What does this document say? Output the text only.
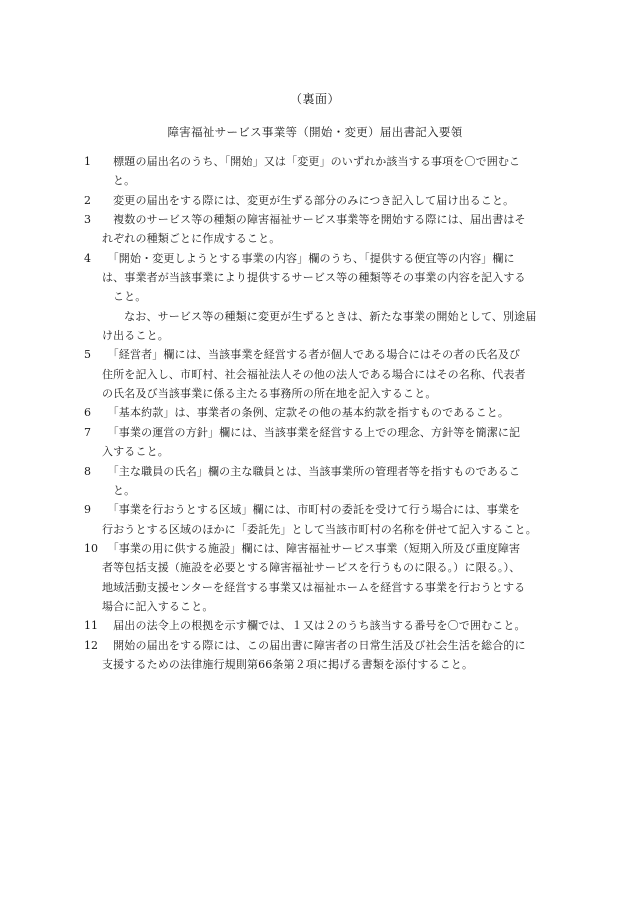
（裏面）
障害福祉サービス事業等（開始・変更）届出書記入要領
1	　標題の届出名のうち、「開始」又は「変更」のいずれか該当する事項を〇で囲むこ
と。
2	　変更の届出をする際には、変更が生ずる部分のみにつき記入して届け出ること。
3	　複数のサービス等の種類の障害福祉サービス事業等を開始する際には、届出書はそ
れぞれの種類ごとに作成すること。
4	　「開始・変更しようとする事業の内容」欄のうち、「提供する便宜等の内容」欄に
は、事業者が当該事業により提供するサービス等の種類等その事業の内容を記入する
こと。
　なお、サービス等の種類に変更が生ずるときは、新たな事業の開始として、別途届
け出ること。
5	　「経営者」欄には、当該事業を経営する者が個人である場合にはその者の氏名及び
住所を記入し、市町村、社会福祉法人その他の法人である場合にはその名称、代表者
の氏名及び当該事業に係る主たる事務所の所在地を記入すること。
6	　「基本約款」は、事業者の条例、定款その他の基本約款を指すものであること。
7	　「事業の運営の方針」欄には、当該事業を経営する上での理念、方針等を簡潔に記
入すること。
8	　「主な職員の氏名」欄の主な職員とは、当該事業所の管理者等を指すものであるこ
と。
9	　「事業を行おうとする区域」欄には、市町村の委託を受けて行う場合には、事業を
行おうとする区域のほかに「委託先」として当該市町村の名称を併せて記入すること。
10 　「事業の用に供する施設」欄には、障害福祉サービス事業（短期入所及び重度障害
者等包括支援（施設を必要とする障害福祉サービスを行うものに限る。）に限る。）、
地域活動支援センターを経営する事業又は福祉ホームを経営する事業を行おうとする
場合に記入すること。
11 　届出の法令上の根拠を示す欄では、１又は２のうち該当する番号を〇で囲むこと。
12 　開始の届出をする際には、この届出書に障害者の日常生活及び社会生活を総合的に
支援するための法律施行規則第66条第２項に掲げる書類を添付すること。
